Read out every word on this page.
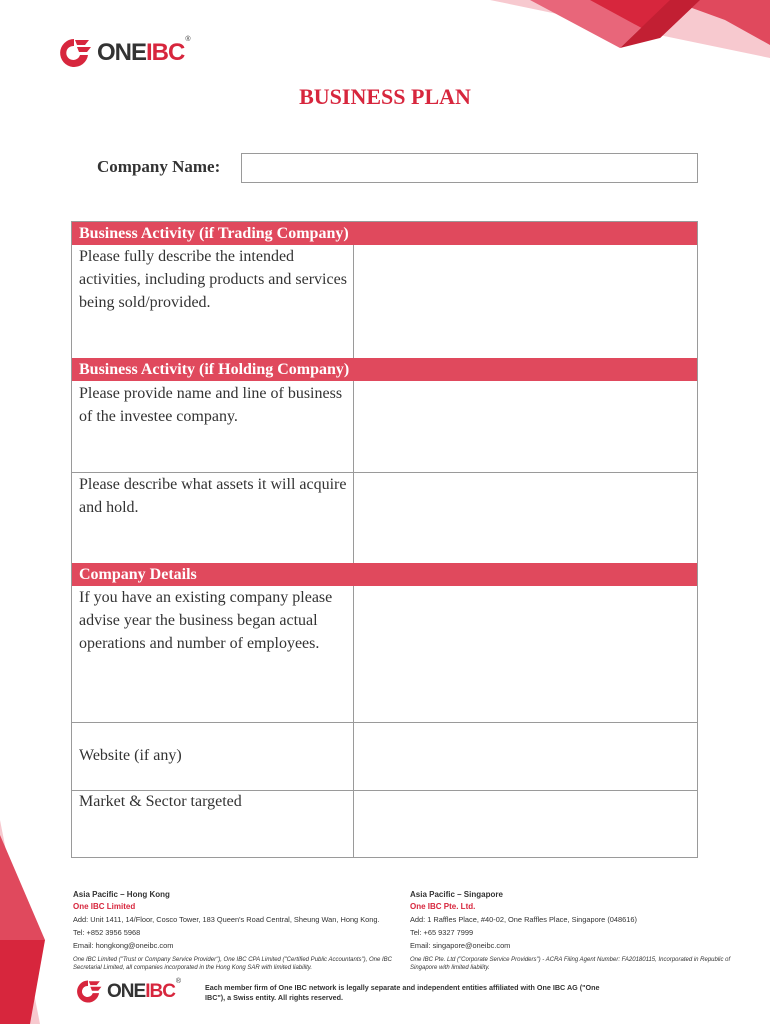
ONEIBC ®
BUSINESS PLAN
Company Name:
Business Activity (if Trading Company)
Please fully describe the intended activities, including products and services being sold/provided.
Business Activity (if Holding Company)
Please provide name and line of business of the investee company.
Please describe what assets it will acquire and hold.
Company Details
If you have an existing company please advise year the business began actual operations and number of employees.
Website (if any)
Market & Sector targeted
Asia Pacific – Hong Kong
One IBC Limited
Add: Unit 1411, 14/Floor, Cosco Tower, 183 Queen's Road Central, Sheung Wan, Hong Kong.
Tel: +852 3956 5968
Email: hongkong@oneibc.com
One IBC Limited ("Trust or Company Service Provider"), One IBC CPA Limited ("Certified Public Accountants"), One IBC Secretarial Limited, all companies incorporated in the Hong Kong SAR with limited liability.
Asia Pacific – Singapore
One IBC Pte. Ltd.
Add: 1 Raffles Place, #40-02, One Raffles Place, Singapore (048616)
Tel: +65 9327 7999
Email: singapore@oneibc.com
One IBC Pte. Ltd ("Corporate Service Providers") - ACRA Filing Agent Number: FA20180115, Incorporated in Republic of Singapore with limited liability.
ONEIBC ®
Each member firm of One IBC network is legally separate and independent entities affiliated with One IBC AG ("One IBC"), a Swiss entity. All rights reserved.
